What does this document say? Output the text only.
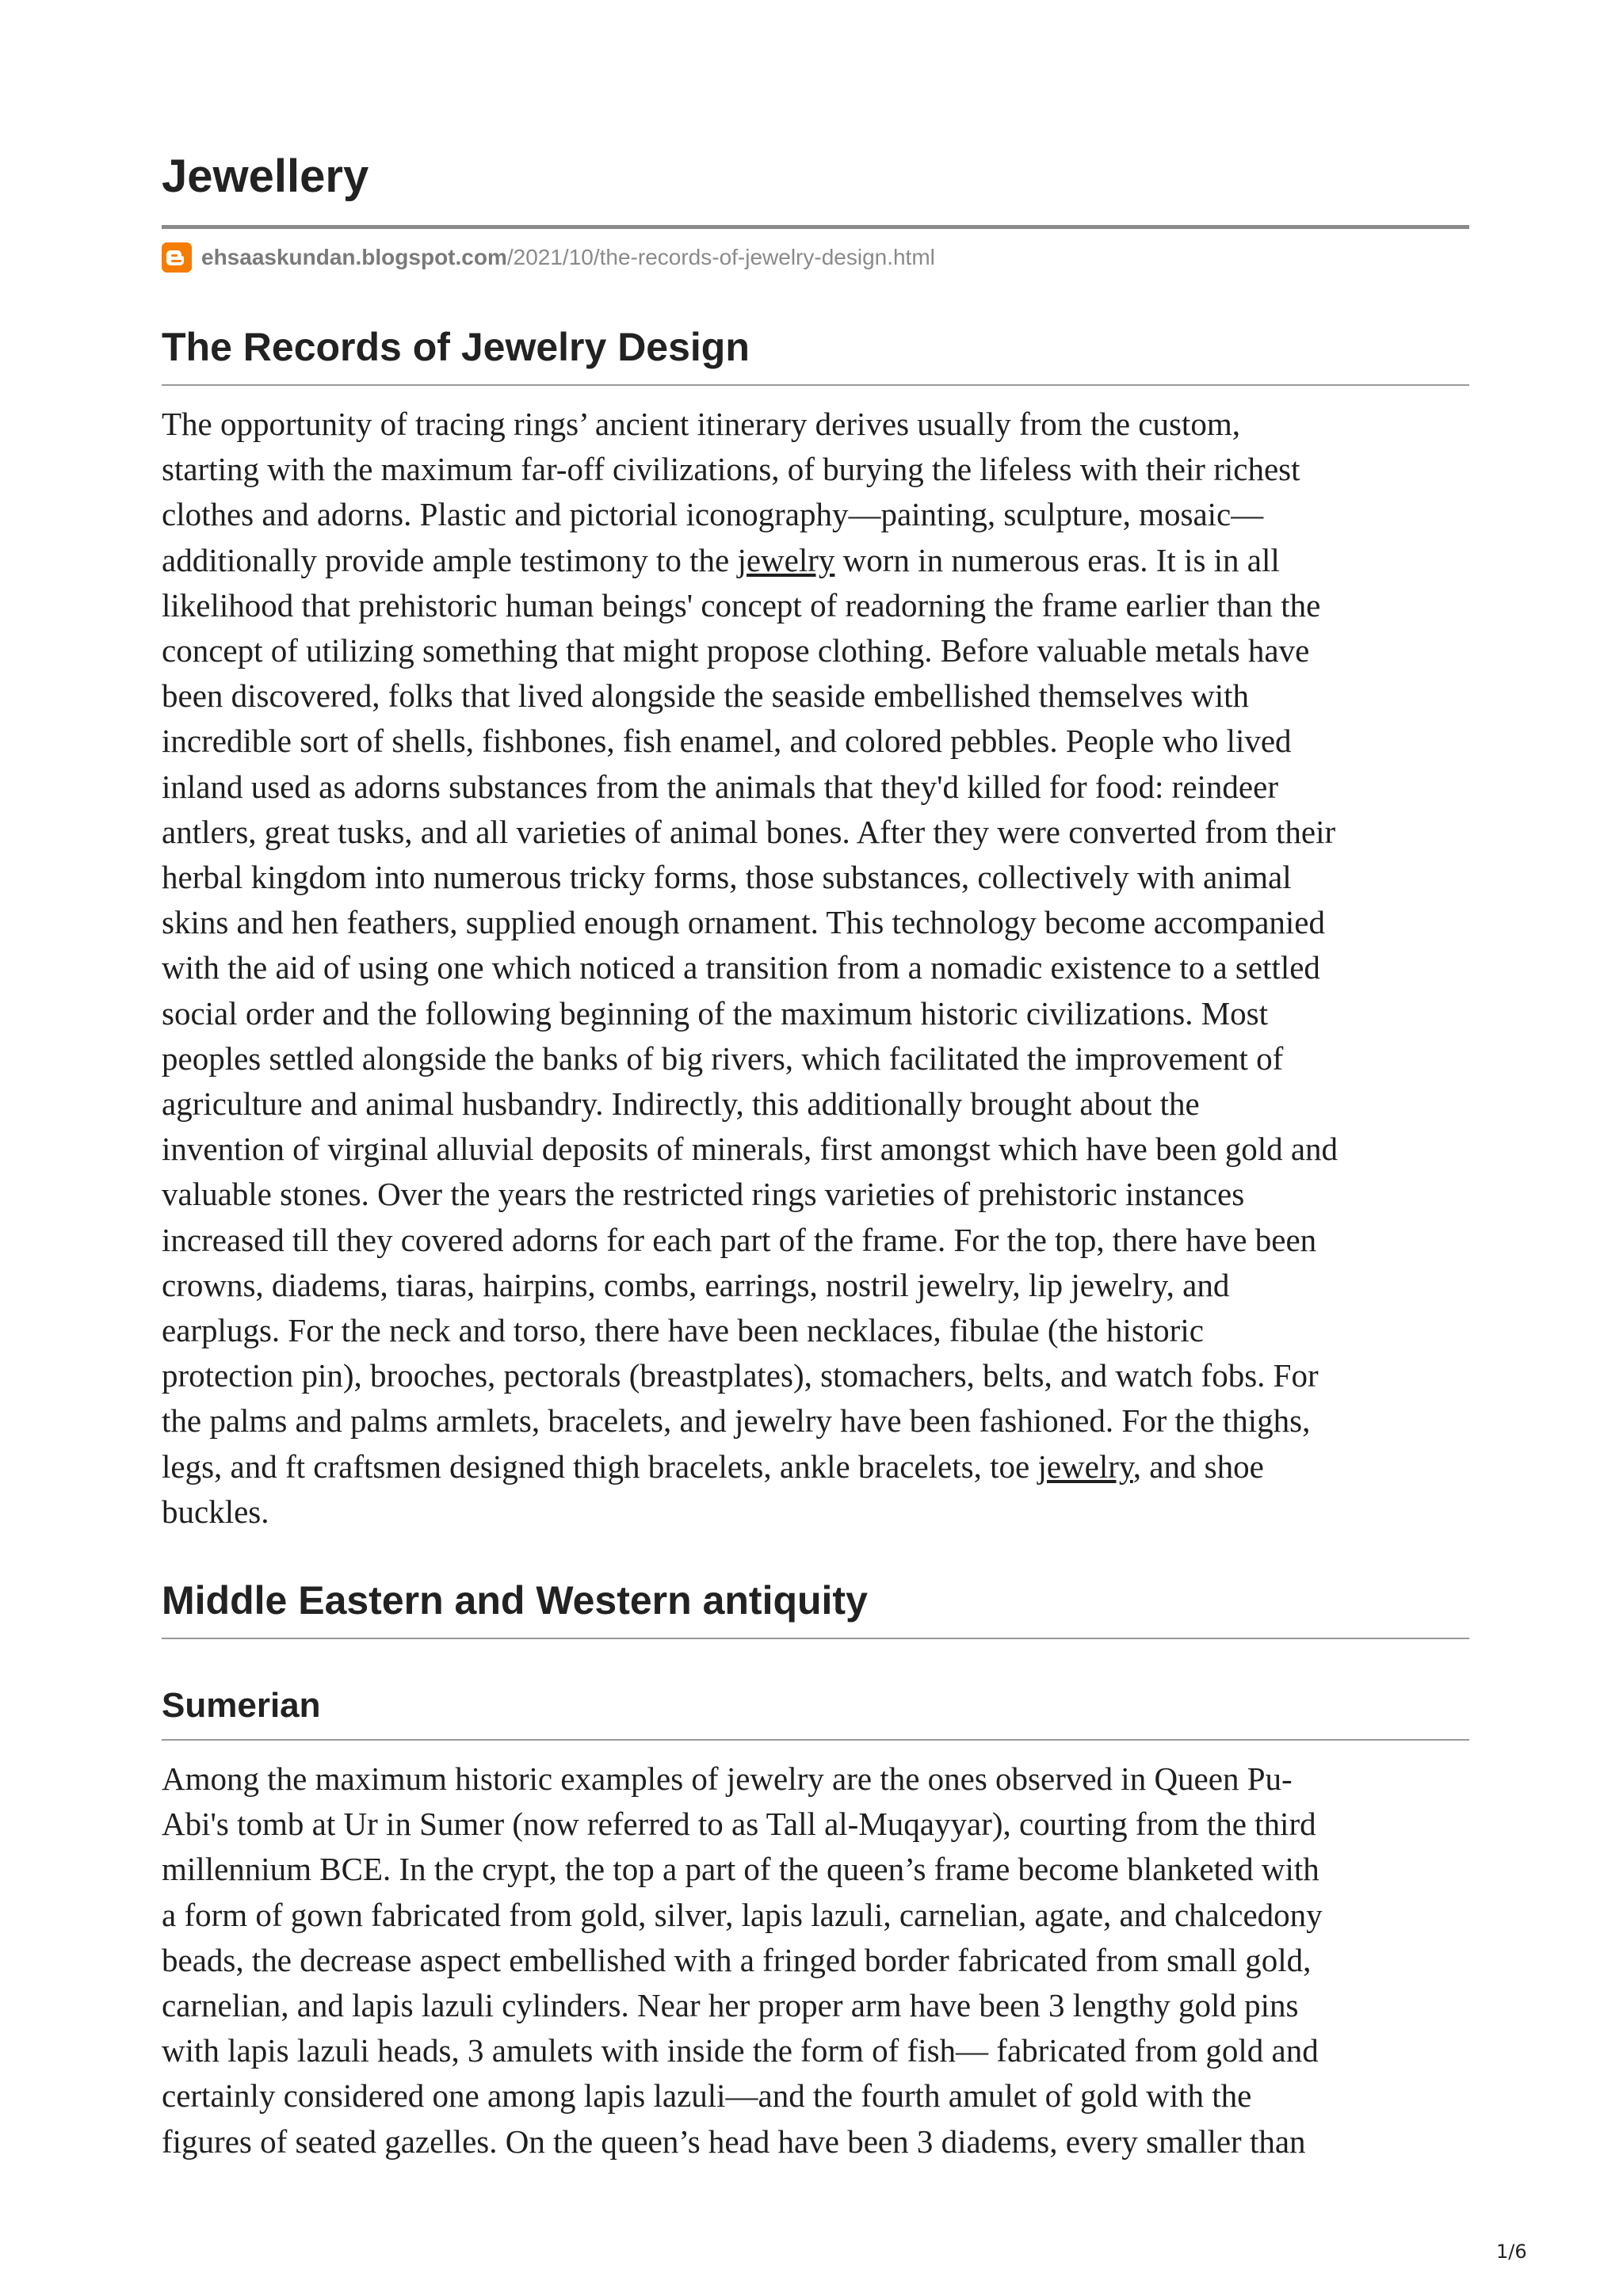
Jewellery
ehsaaskundan.blogspot.com /2021/10/the-records-of-jewelry-design.html
The Records of Jewelry Design
The opportunity of tracing rings’ ancient itinerary derives usually from the custom,
starting with the maximum far-off civilizations, of burying the lifeless with their richest
clothes and adorns. Plastic and pictorial iconography—painting, sculpture, mosaic—
additionally provide ample testimony to the jewelry worn in numerous eras. It is in all
likelihood that prehistoric human beings' concept of readorning the frame earlier than the
concept of utilizing something that might propose clothing. Before valuable metals have
been discovered, folks that lived alongside the seaside embellished themselves with
incredible sort of shells, fishbones, fish enamel, and colored pebbles. People who lived
inland used as adorns substances from the animals that they'd killed for food: reindeer
antlers, great tusks, and all varieties of animal bones. After they were converted from their
herbal kingdom into numerous tricky forms, those substances, collectively with animal
skins and hen feathers, supplied enough ornament. This technology become accompanied
with the aid of using one which noticed a transition from a nomadic existence to a settled
social order and the following beginning of the maximum historic civilizations. Most
peoples settled alongside the banks of big rivers, which facilitated the improvement of
agriculture and animal husbandry. Indirectly, this additionally brought about the
invention of virginal alluvial deposits of minerals, first amongst which have been gold and
valuable stones. Over the years the restricted rings varieties of prehistoric instances
increased till they covered adorns for each part of the frame. For the top, there have been
crowns, diadems, tiaras, hairpins, combs, earrings, nostril jewelry, lip jewelry, and
earplugs. For the neck and torso, there have been necklaces, fibulae (the historic
protection pin), brooches, pectorals (breastplates), stomachers, belts, and watch fobs. For
the palms and palms armlets, bracelets, and jewelry have been fashioned. For the thighs,
legs, and ft craftsmen designed thigh bracelets, ankle bracelets, toe jewelry, and shoe
buckles.
Middle Eastern and Western antiquity
Sumerian
Among the maximum historic examples of jewelry are the ones observed in Queen Pu-
Abi's tomb at Ur in Sumer (now referred to as Tall al-Muqayyar), courting from the third
millennium BCE. In the crypt, the top a part of the queen’s frame become blanketed with
a form of gown fabricated from gold, silver, lapis lazuli, carnelian, agate, and chalcedony
beads, the decrease aspect embellished with a fringed border fabricated from small gold,
carnelian, and lapis lazuli cylinders. Near her proper arm have been 3 lengthy gold pins
with lapis lazuli heads, 3 amulets with inside the form of fish— fabricated from gold and
certainly considered one among lapis lazuli—and the fourth amulet of gold with the
figures of seated gazelles. On the queen’s head have been 3 diadems, every smaller than
1/6
